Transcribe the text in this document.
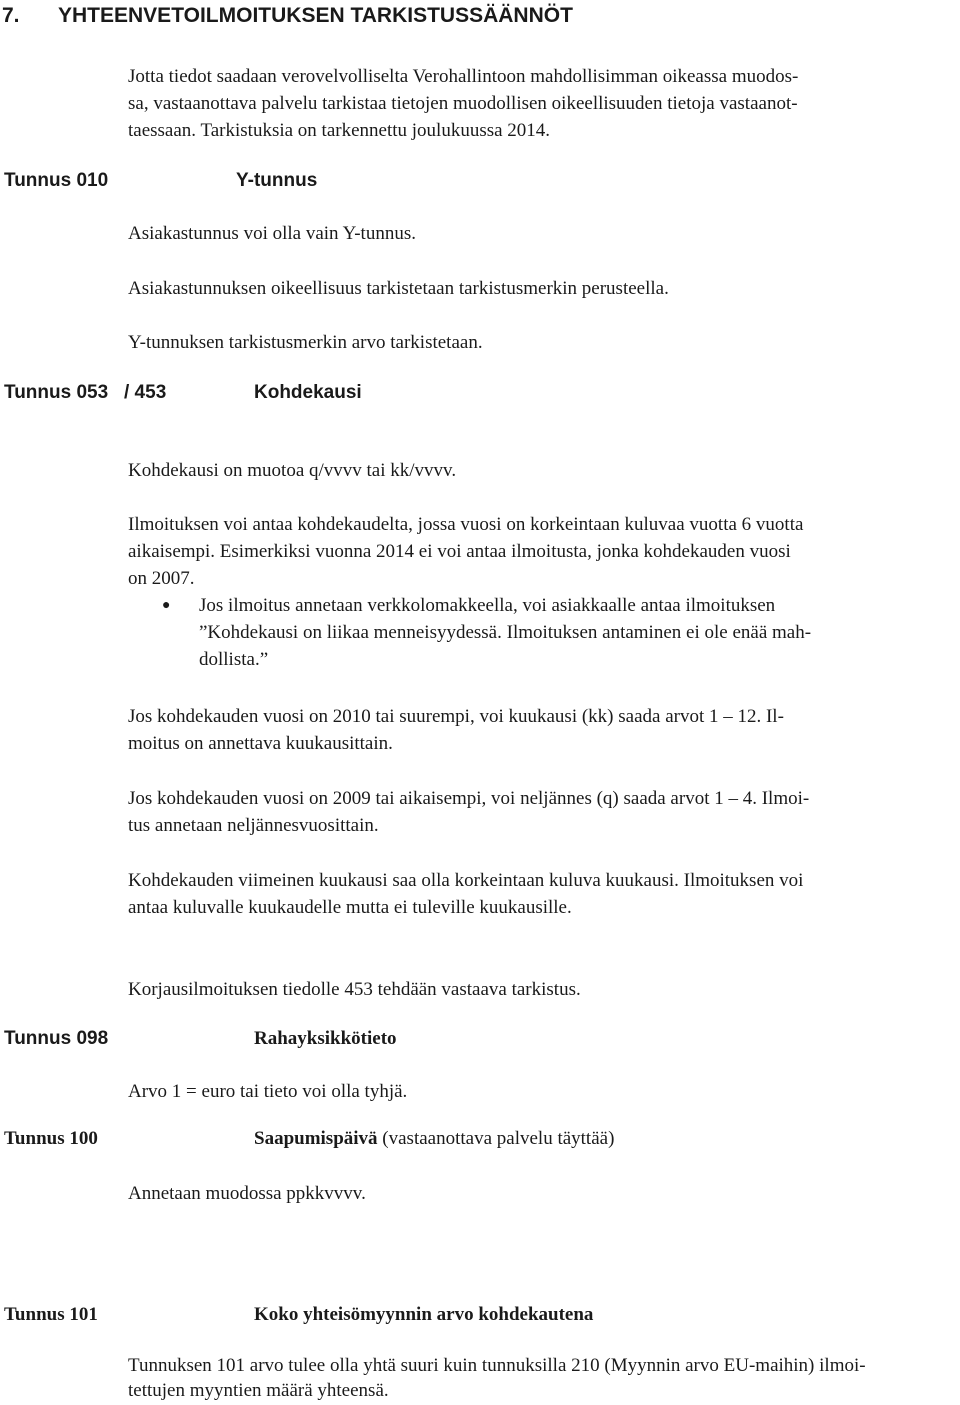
7. YHTEENVETOILMOITUKSEN TARKISTUSSÄÄNNÖT
Jotta tiedot saadaan verovelvolliselta Verohallintoon mahdollisimman oikeassa muodos-
sa, vastaanottava palvelu tarkistaa tietojen muodollisen oikeellisuuden tietoja vastaanot-
taessaan. Tarkistuksia on tarkennettu joulukuussa 2014.
Tunnus 010	Y-tunnus
Asiakastunnus voi olla vain Y-tunnus.
Asiakastunnuksen oikeellisuus tarkistetaan tarkistusmerkin perusteella.
Y-tunnuksen tarkistusmerkin arvo tarkistetaan.
Tunnus 053 / 453	Kohdekausi
Kohdekausi on muotoa q/vvvv tai kk/vvvv.
Ilmoituksen voi antaa kohdekaudelta, jossa vuosi on korkeintaan kuluvaa vuotta 6 vuotta
aikaisempi. Esimerkiksi vuonna 2014 ei voi antaa ilmoitusta, jonka kohdekauden vuosi
on 2007.
● Jos ilmoitus annetaan verkkolomakkeella, voi asiakkaalle antaa ilmoituksen
”Kohdekausi on liikaa menneisyydessä. Ilmoituksen antaminen ei ole enää mah-
dollista.”
Jos kohdekauden vuosi on 2010 tai suurempi, voi kuukausi (kk) saada arvot 1 – 12. Il-
moitus on annettava kuukausittain.
Jos kohdekauden vuosi on 2009 tai aikaisempi, voi neljännes (q) saada arvot 1 – 4. Ilmoi-
tus annetaan neljännesvuosittain.
Kohdekauden viimeinen kuukausi saa olla korkeintaan kuluva kuukausi. Ilmoituksen voi
antaa kuluvalle kuukaudelle mutta ei tuleville kuukausille.
Korjausilmoituksen tiedolle 453 tehdään vastaava tarkistus.
Tunnus 098	Rahayksikkötieto
Arvo 1 = euro tai tieto voi olla tyhjä.
Tunnus 100	Saapumispäivä (vastaanottava palvelu täyttää)
Annetaan muodossa ppkkvvvv.
Tunnus 101	Koko yhteisömyynnin arvo kohdekautena
Tunnuksen 101 arvo tulee olla yhtä suuri kuin tunnuksilla 210 (Myynnin arvo EU-maihin) ilmoi-
tettujen myyntien määrä yhteensä.
